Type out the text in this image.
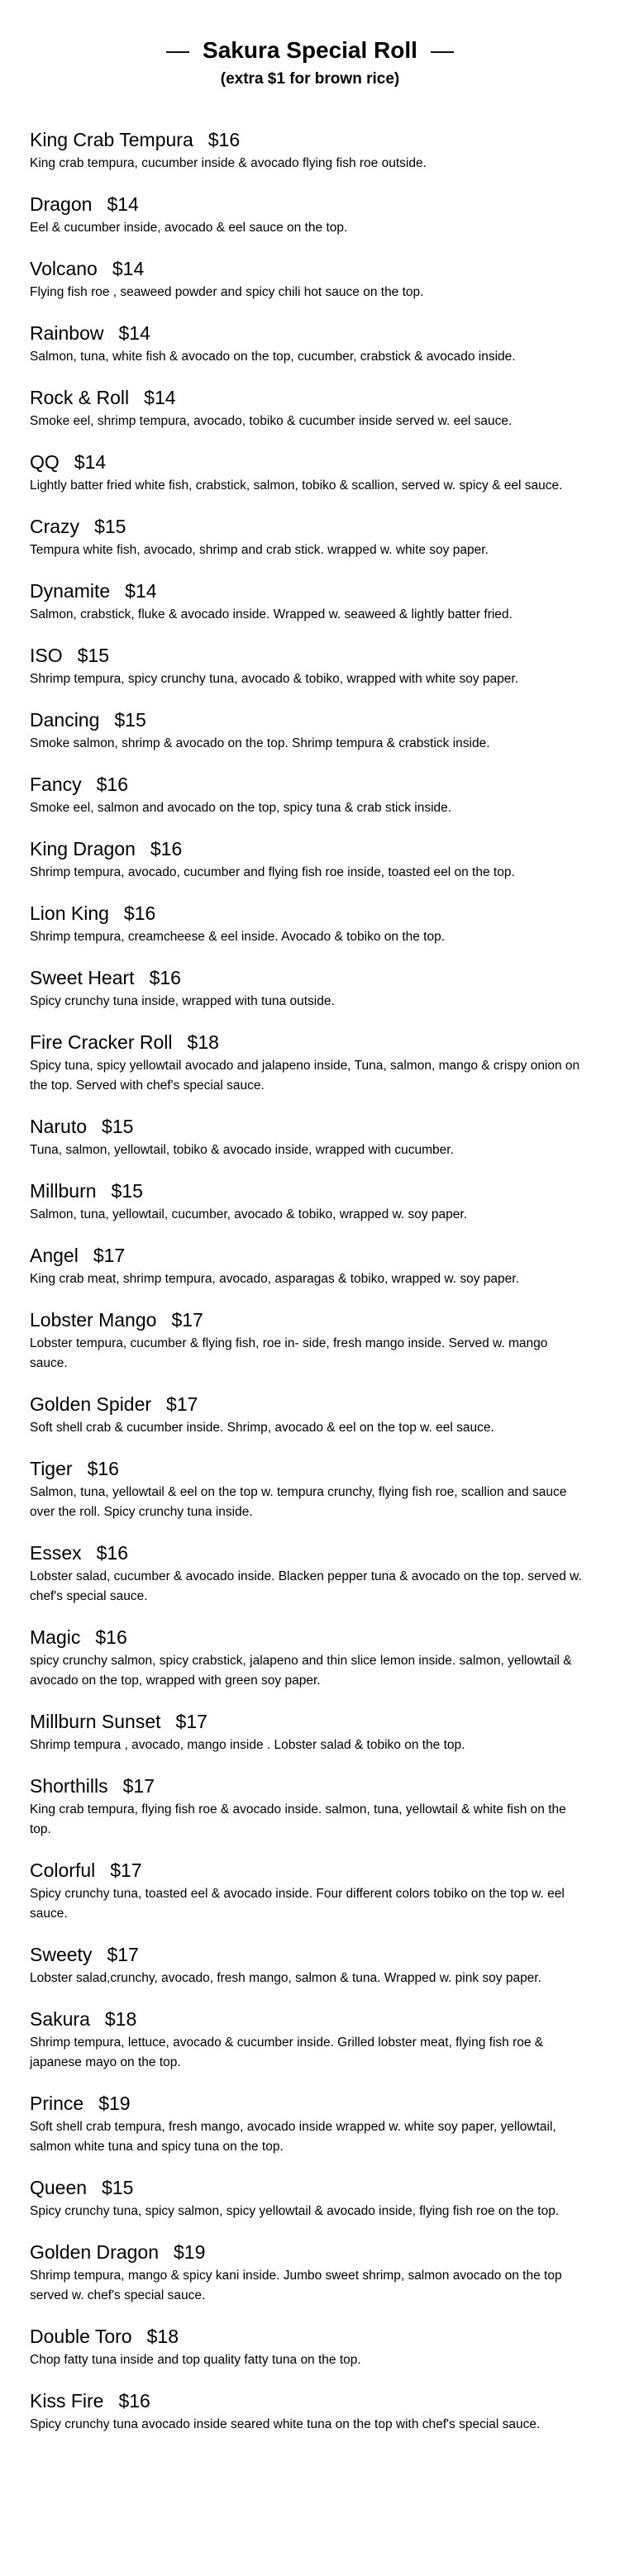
— Sakura Special Roll —
(extra $1 for brown rice)
King Crab Tempura $16
King crab tempura, cucumber inside & avocado flying fish roe outside.
Dragon $14
Eel & cucumber inside, avocado & eel sauce on the top.
Volcano $14
Flying fish roe , seaweed powder and spicy chili hot sauce on the top.
Rainbow $14
Salmon, tuna, white fish & avocado on the top, cucumber, crabstick & avocado inside.
Rock & Roll $14
Smoke eel, shrimp tempura, avocado, tobiko & cucumber inside served w. eel sauce.
QQ $14
Lightly batter fried white fish, crabstick, salmon, tobiko & scallion, served w. spicy & eel sauce.
Crazy $15
Tempura white fish, avocado, shrimp and crab stick. wrapped w. white soy paper.
Dynamite $14
Salmon, crabstick, fluke & avocado inside. Wrapped w. seaweed & lightly batter fried.
ISO $15
Shrimp tempura, spicy crunchy tuna, avocado & tobiko, wrapped with white soy paper.
Dancing $15
Smoke salmon, shrimp & avocado on the top. Shrimp tempura & crabstick inside.
Fancy $16
Smoke eel, salmon and avocado on the top, spicy tuna & crab stick inside.
King Dragon $16
Shrimp tempura, avocado, cucumber and flying fish roe inside, toasted eel on the top.
Lion King $16
Shrimp tempura, creamcheese & eel inside. Avocado & tobiko on the top.
Sweet Heart $16
Spicy crunchy tuna inside, wrapped with tuna outside.
Fire Cracker Roll $18
Spicy tuna, spicy yellowtail avocado and jalapeno inside, Tuna, salmon, mango & crispy onion on the top. Served with chef's special sauce.
Naruto $15
Tuna, salmon, yellowtail, tobiko & avocado inside, wrapped with cucumber.
Millburn $15
Salmon, tuna, yellowtail, cucumber, avocado & tobiko, wrapped w. soy paper.
Angel $17
King crab meat, shrimp tempura, avocado, asparagas & tobiko, wrapped w. soy paper.
Lobster Mango $17
Lobster tempura, cucumber & flying fish, roe in- side, fresh mango inside. Served w. mango sauce.
Golden Spider $17
Soft shell crab & cucumber inside. Shrimp, avocado & eel on the top w. eel sauce.
Tiger $16
Salmon, tuna, yellowtail & eel on the top w. tempura crunchy, flying fish roe, scallion and sauce over the roll. Spicy crunchy tuna inside.
Essex $16
Lobster salad, cucumber & avocado inside. Blacken pepper tuna & avocado on the top. served w. chef's special sauce.
Magic $16
spicy crunchy salmon, spicy crabstick, jalapeno and thin slice lemon inside. salmon, yellowtail & avocado on the top, wrapped with green soy paper.
Millburn Sunset $17
Shrimp tempura , avocado, mango inside . Lobster salad & tobiko on the top.
Shorthills $17
King crab tempura, flying fish roe & avocado inside. salmon, tuna, yellowtail & white fish on the top.
Colorful $17
Spicy crunchy tuna, toasted eel & avocado inside. Four different colors tobiko on the top w. eel sauce.
Sweety $17
Lobster salad,crunchy, avocado, fresh mango, salmon & tuna. Wrapped w. pink soy paper.
Sakura $18
Shrimp tempura, lettuce, avocado & cucumber inside. Grilled lobster meat, flying fish roe & japanese mayo on the top.
Prince $19
Soft shell crab tempura, fresh mango, avocado inside wrapped w. white soy paper, yellowtail, salmon white tuna and spicy tuna on the top.
Queen $15
Spicy crunchy tuna, spicy salmon, spicy yellowtail & avocado inside, flying fish roe on the top.
Golden Dragon $19
Shrimp tempura, mango & spicy kani inside. Jumbo sweet shrimp, salmon avocado on the top served w. chef's special sauce.
Double Toro $18
Chop fatty tuna inside and top quality fatty tuna on the top.
Kiss Fire $16
Spicy crunchy tuna avocado inside seared white tuna on the top with chef's special sauce.
